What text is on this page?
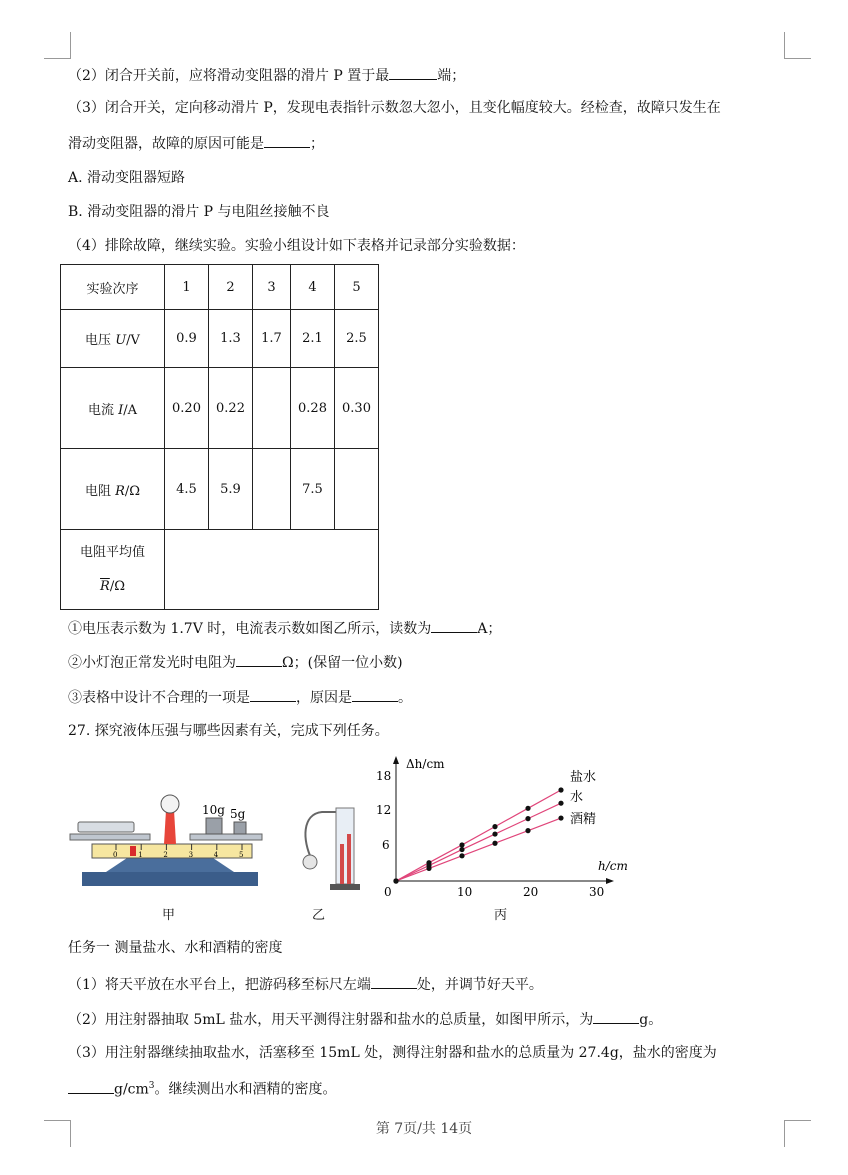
（2）闭合开关前，应将滑动变阻器的滑片 P 置于最	端；
（3）闭合开关，定向移动滑片 P，发现电表指针示数忽大忽小，且变化幅度较大。经检查，故障只发生在
滑动变阻器，故障的原因可能是	；
A. 滑动变阻器短路
B. 滑动变阻器的滑片 P 与电阻丝接触不良
（4）排除故障，继续实验。实验小组设计如下表格并记录部分实验数据：
实验次序	1	2	3	4	5
电压 U/V	0.9	1.3	1.7	2.1	2.5
电流 I/A	0.20	0.22		0.28	0.30
电阻 R/Ω	4.5	5.9		7.5	

电阻平均值
$\overline{R}/\Omega$					

①电压表示数为 1.7V 时，电流表示数如图乙所示，读数为	A；
②小灯泡正常发光时电阻为	Ω；(保留一位小数)
③表格中设计不合理的一项是	，原因是	。
27. 探究液体压强与哪些因素有关，完成下列任务。
0	1	2	3	4	5
10g 5g
甲	乙
Δh/cm
h/cm
0	10	20	30
6
12
18	盐水
水
酒精
丙
任务一 测量盐水、水和酒精的密度
（1）将天平放在水平台上，把游码移至标尺左端	处，并调节好天平。
（2）用注射器抽取 5mL 盐水，用天平测得注射器和盐水的总质量，如图甲所示，为	g。
（3）用注射器继续抽取盐水，活塞移至 15mL 处，测得注射器和盐水的总质量为 27.4g，盐水的密度为
$g/cm^3$。继续测出水和酒精的密度。
第 7页/共 14页
